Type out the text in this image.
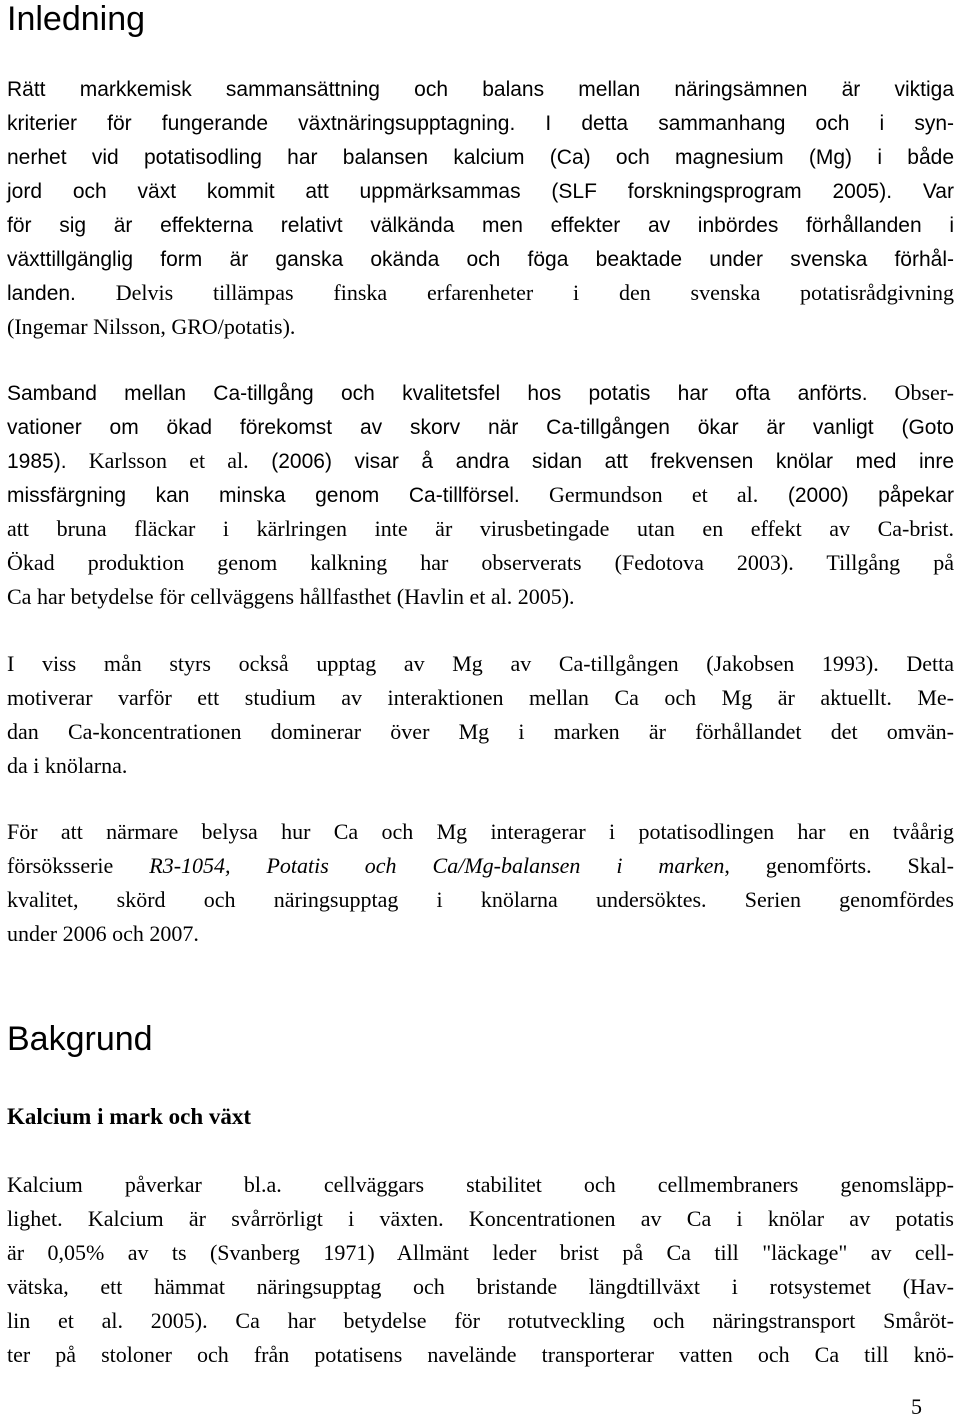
Inledning
Rätt markkemisk sammansättning och balans mellan näringsämnen är viktiga
kriterier för fungerande växtnäringsupptagning. I detta sammanhang och i syn-
nerhet vid potatisodling har balansen kalcium (Ca) och magnesium (Mg) i både
jord och växt kommit att uppmärksammas (SLF forskningsprogram 2005). Var
för sig är effekterna relativt välkända men effekter av inbördes förhållanden i
växttillgänglig form är ganska okända och föga beaktade under svenska förhål-
landen. Delvis tillämpas finska erfarenheter i den svenska potatisrådgivning
(Ingemar Nilsson, GRO/potatis).
Samband mellan Ca-tillgång och kvalitetsfel hos potatis har ofta anförts. Obser-
vationer om ökad förekomst av skorv när Ca-tillgången ökar är vanligt (Goto
1985). Karlsson et al. (2006) visar å andra sidan att frekvensen knölar med inre
missfärgning kan minska genom Ca-tillförsel. Germundson et al. (2000) påpekar
att bruna fläckar i kärlringen inte är virusbetingade utan en effekt av Ca-brist.
Ökad produktion genom kalkning har observerats (Fedotova 2003). Tillgång på
Ca har betydelse för cellväggens hållfasthet (Havlin et al. 2005).
I viss mån styrs också upptag av Mg av Ca-tillgången (Jakobsen 1993). Detta
motiverar varför ett studium av interaktionen mellan Ca och Mg är aktuellt. Me-
dan Ca-koncentrationen dominerar över Mg i marken är förhållandet det omvän-
da i knölarna.
För att närmare belysa hur Ca och Mg interagerar i potatisodlingen har en tvåårig
försöksserie R3-1054, Potatis och Ca/Mg-balansen i marken, genomförts. Skal-
kvalitet, skörd och näringsupptag i knölarna undersöktes. Serien genomfördes
under 2006 och 2007.
Bakgrund
Kalcium i mark och växt
Kalcium påverkar bl.a. cellväggars stabilitet och cellmembraners genomsläpp-
lighet. Kalcium är svårrörligt i växten. Koncentrationen av Ca i knölar av potatis
är 0,05% av ts (Svanberg 1971) Allmänt leder brist på Ca till "läckage" av cell-
vätska, ett hämmat näringsupptag och bristande längdtillväxt i rotsystemet (Hav-
lin et al. 2005). Ca har betydelse för rotutveckling och näringstransport Småröt-
ter på stoloner och från potatisens navelände transporterar vatten och Ca till knö-
5
